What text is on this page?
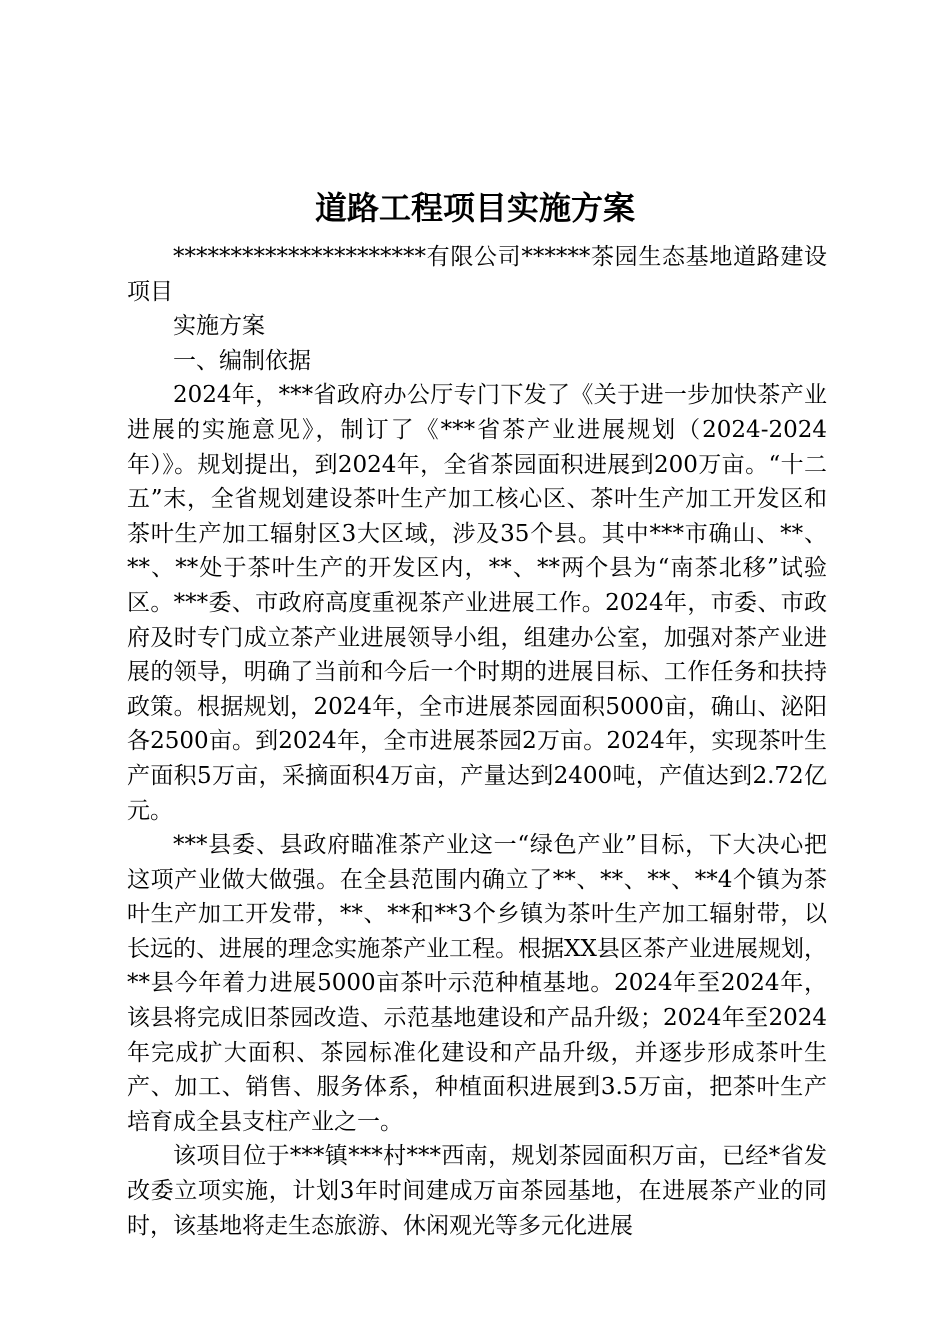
道路工程项目实施方案

**********************有限公司******茶园生态基地道路建设项目

实施方案

一、编制依据

2024年，***省政府办公厅专门下发了《关于进一步加快茶产业进展的实施意见》，制订了《***省茶产业进展规划（2024-2024年）》。规划提出，到2024年，全省茶园面积进展到200万亩。“十二五”末，全省规划建设茶叶生产加工核心区、茶叶生产加工开发区和茶叶生产加工辐射区3大区域，涉及35个县。其中***市确山、**、**、**处于茶叶生产的开发区内，**、**两个县为“南茶北移”试验区。***委、市政府高度重视茶产业进展工作。2024年，市委、市政府及时专门成立茶产业进展领导小组，组建办公室，加强对茶产业进展的领导，明确了当前和今后一个时期的进展目标、工作任务和扶持政策。根据规划，2024年，全市进展茶园面积5000亩，确山、泌阳各2500亩。到2024年，全市进展茶园2万亩。2024年，实现茶叶生产面积5万亩，采摘面积4万亩，产量达到2400吨，产值达到2.72亿元。

***县委、县政府瞄准茶产业这一“绿色产业”目标，下大决心把这项产业做大做强。在全县范围内确立了**、**、**、**4个镇为茶叶生产加工开发带，**、**和**3个乡镇为茶叶生产加工辐射带，以长远的、进展的理念实施茶产业工程。根据XX县区茶产业进展规划，**县今年着力进展5000亩茶叶示范种植基地。2024年至2024年，该县将完成旧茶园改造、示范基地建设和产品升级；2024年至2024年完成扩大面积、茶园标准化建设和产品升级，并逐步形成茶叶生产、加工、销售、服务体系，种植面积进展到3.5万亩，把茶叶生产培育成全县支柱产业之一。

该项目位于***镇***村***西南，规划茶园面积万亩，已经*省发改委立项实施，计划3年时间建成万亩茶园基地，在进展茶产业的同时，该基地将走生态旅游、休闲观光等多元化进展
